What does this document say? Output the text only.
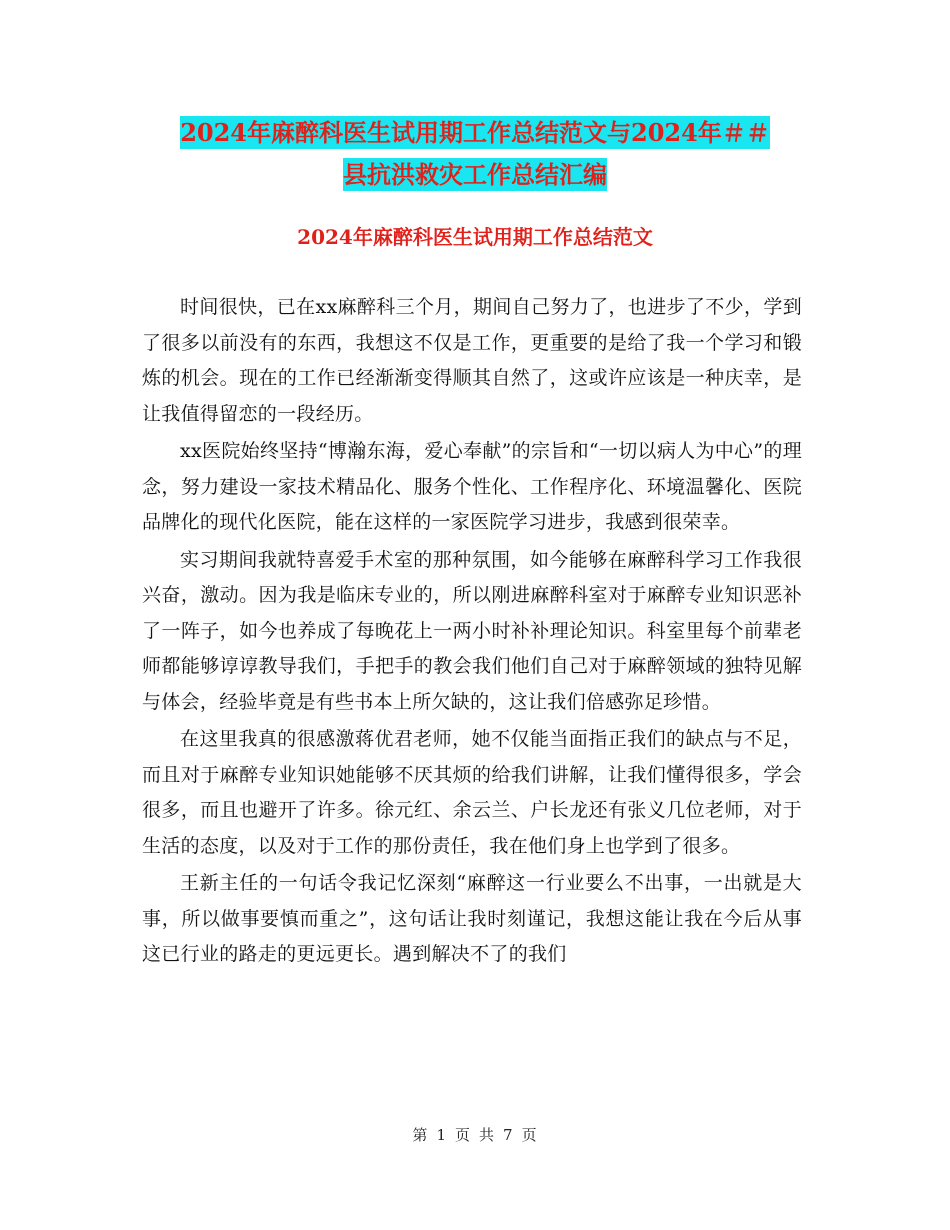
2024年麻醉科医生试用期工作总结范文与2024年＃＃
县抗洪救灾工作总结汇编
2024年麻醉科医生试用期工作总结范文

时间很快，已在xx麻醉科三个月，期间自己努力了，也进步了不少，学到了很多以前没有的东西，我想这不仅是工作，更重要的是给了我一个学习和锻炼的机会。现在的工作已经渐渐变得顺其自然了，这或许应该是一种庆幸，是让我值得留恋的一段经历。

xx医院始终坚持“博瀚东海，爱心奉献”的宗旨和“一切以病人为中心”的理念，努力建设一家技术精品化、服务个性化、工作程序化、环境温馨化、医院品牌化的现代化医院，能在这样的一家医院学习进步，我感到很荣幸。

实习期间我就特喜爱手术室的那种氛围，如今能够在麻醉科学习工作我很兴奋，激动。因为我是临床专业的，所以刚进麻醉科室对于麻醉专业知识恶补了一阵子，如今也养成了每晚花上一两小时补补理论知识。科室里每个前辈老师都能够谆谆教导我们，手把手的教会我们他们自己对于麻醉领域的独特见解与体会，经验毕竟是有些书本上所欠缺的，这让我们倍感弥足珍惜。

在这里我真的很感激蒋优君老师，她不仅能当面指正我们的缺点与不足，而且对于麻醉专业知识她能够不厌其烦的给我们讲解，让我们懂得很多，学会很多，而且也避开了许多。徐元红、余云兰、户长龙还有张义几位老师，对于生活的态度，以及对于工作的那份责任，我在他们身上也学到了很多。

王新主任的一句话令我记忆深刻“麻醉这一行业要么不出事，一出就是大事，所以做事要慎而重之”，这句话让我时刻谨记，我想这能让我在今后从事这已行业的路走的更远更长。遇到解决不了的我们

第 1 页 共 7 页
